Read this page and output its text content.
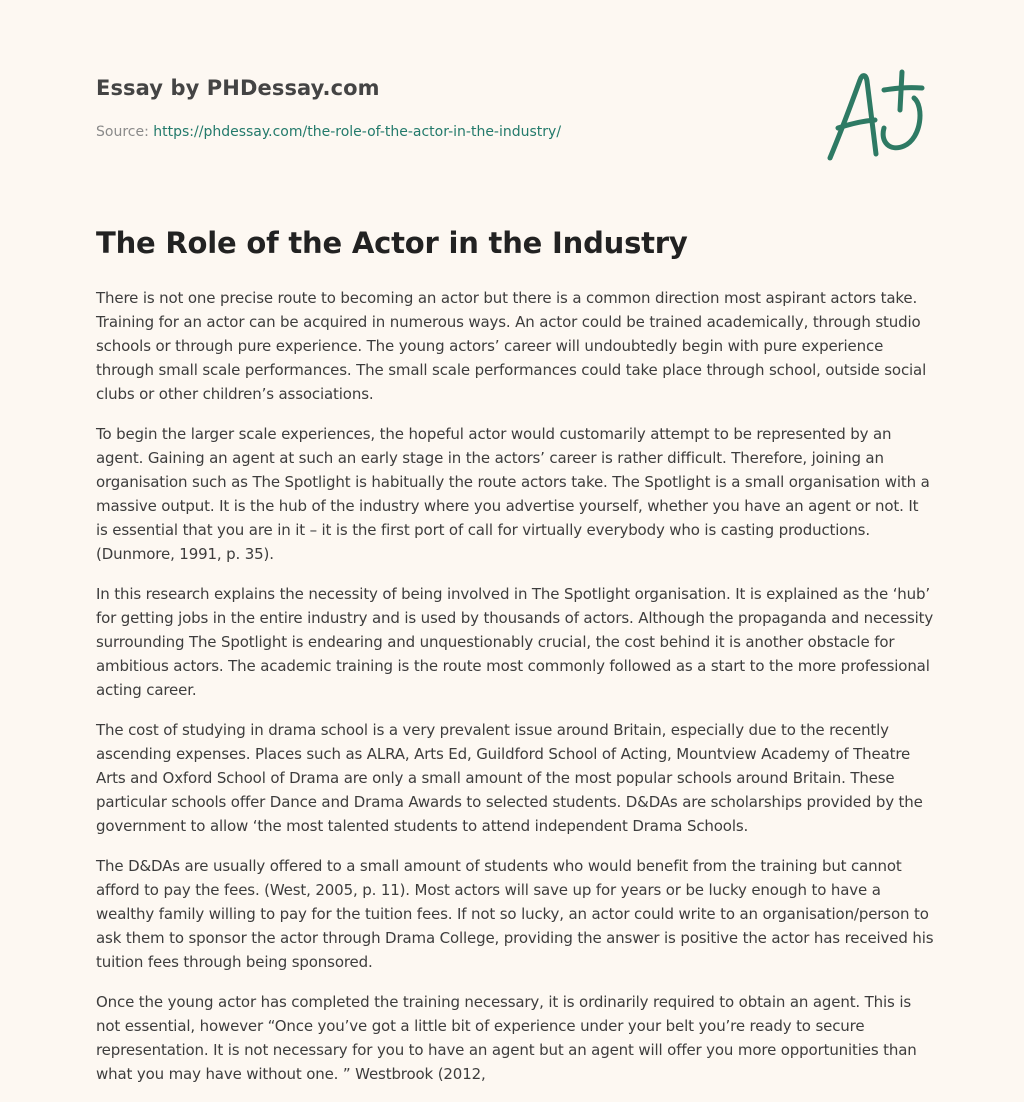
Essay by PHDessay.com
Source: https://phdessay.com/the-role-of-the-actor-in-the-industry/
The Role of the Actor in the Industry

There is not one precise route to becoming an actor but there is a common direction most aspirant actors take. Training for an actor can be acquired in numerous ways. An actor could be trained academically, through studio schools or through pure experience. The young actors’ career will undoubtedly begin with pure experience through small scale performances. The small scale performances could take place through school, outside social clubs or other children’s associations.

To begin the larger scale experiences, the hopeful actor would customarily attempt to be represented by an agent. Gaining an agent at such an early stage in the actors’ career is rather difficult. Therefore, joining an organisation such as The Spotlight is habitually the route actors take. The Spotlight is a small organisation with a massive output. It is the hub of the industry where you advertise yourself, whether you have an agent or not. It is essential that you are in it – it is the first port of call for virtually everybody who is casting productions. (Dunmore, 1991, p. 35).

In this research explains the necessity of being involved in The Spotlight organisation. It is explained as the ‘hub’ for getting jobs in the entire industry and is used by thousands of actors. Although the propaganda and necessity surrounding The Spotlight is endearing and unquestionably crucial, the cost behind it is another obstacle for ambitious actors. The academic training is the route most commonly followed as a start to the more professional acting career.

The cost of studying in drama school is a very prevalent issue around Britain, especially due to the recently ascending expenses. Places such as ALRA, Arts Ed, Guildford School of Acting, Mountview Academy of Theatre Arts and Oxford School of Drama are only a small amount of the most popular schools around Britain. These particular schools offer Dance and Drama Awards to selected students. D&DAs are scholarships provided by the government to allow ‘the most talented students to attend independent Drama Schools.

The D&DAs are usually offered to a small amount of students who would benefit from the training but cannot afford to pay the fees. (West, 2005, p. 11). Most actors will save up for years or be lucky enough to have a wealthy family willing to pay for the tuition fees. If not so lucky, an actor could write to an organisation/person to ask them to sponsor the actor through Drama College, providing the answer is positive the actor has received his tuition fees through being sponsored.

Once the young actor has completed the training necessary, it is ordinarily required to obtain an agent. This is not essential, however “Once you’ve got a little bit of experience under your belt you’re ready to secure representation. It is not necessary for you to have an agent but an agent will offer you more opportunities than what you may have without one. ” Westbrook (2012,
